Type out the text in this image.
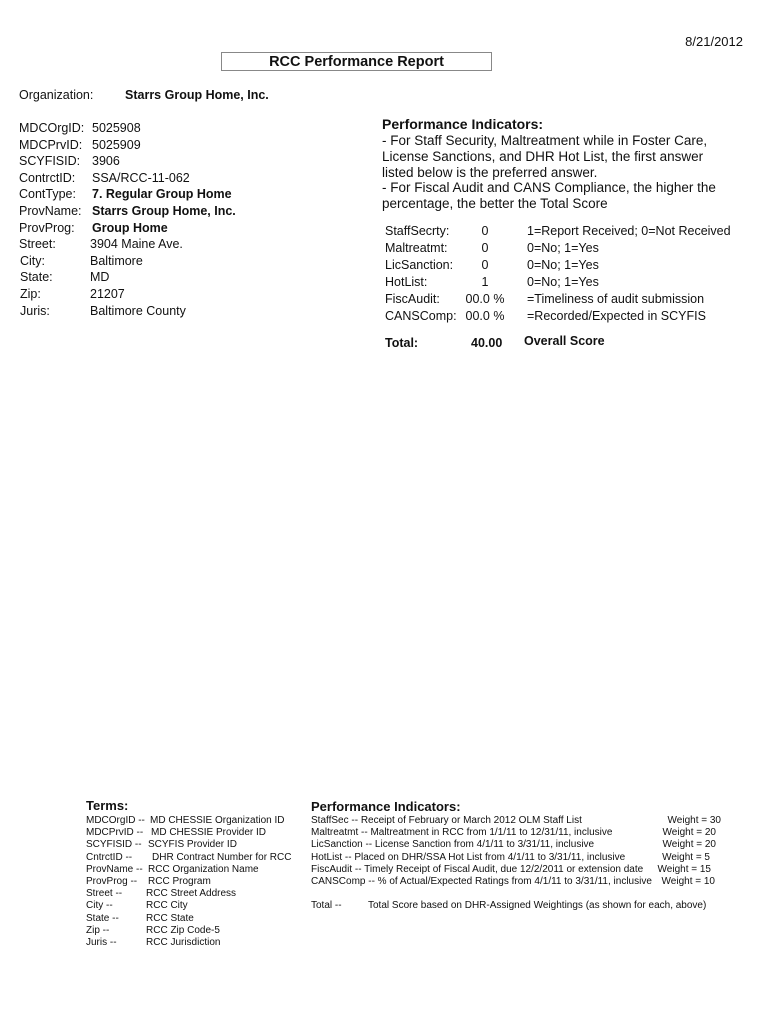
8/21/2012
RCC Performance Report
Organization:	Starrs Group Home, Inc.
MDCOrgID: 5025908
MDCPrvID: 5025909
SCYFISID: 3906
ContrctID: SSA/RCC-11-062
ContType: 7. Regular Group Home
ProvName: Starrs Group Home, Inc.
ProvProg: Group Home
Street:	3904 Maine Ave.
City:	Baltimore
State:	MD
Zip:	21207
Juris:	Baltimore County
Performance Indicators:
- For Staff Security, Maltreatment while in Foster Care, License Sanctions, and DHR Hot List, the first answer listed below is the preferred answer.
- For Fiscal Audit and CANS Compliance, the higher the percentage, the better the Total Score
StaffSecrty:	0	1=Report Received; 0=Not Received
Maltreatmt:	0	0=No; 1=Yes
LicSanction:	0	0=No; 1=Yes
HotList:	1	0=No; 1=Yes
FiscAudit:	00.0 %	=Timeliness of audit submission
CANSComp: 00.0 %	=Recorded/Expected in SCYFIS
Total:	40.00 Overall Score
Terms:
MDCOrgID -- MD CHESSIE Organization ID
MDCPrvID -- MD CHESSIE Provider ID
SCYFISID -- SCYFIS Provider ID
CntrctID -- DHR Contract Number for RCC
ProvName -- RCC Organization Name
ProvProg -- RCC Program
Street -- RCC Street Address
City --	RCC City
State --	RCC State
Zip --	RCC Zip Code-5
Juris --	RCC Jurisdiction
Performance Indicators:
StaffSec -- Receipt of February or March 2012 OLM Staff List	Weight = 30
Maltreatmt -- Maltreatment in RCC from 1/1/11 to 12/31/11, inclusive	Weight = 20
LicSanction -- License Sanction from 4/1/11 to 3/31/11, inclusive	Weight = 20
HotList -- Placed on DHR/SSA Hot List from 4/1/11 to 3/31/11, inclusive	Weight = 5
FiscAudit -- Timely Receipt of Fiscal Audit, due 12/2/2011 or extension date Weight = 15
CANSComp -- % of Actual/Expected Ratings from 4/1/11 to 3/31/11, inclusive Weight = 10
Total --	Total Score based on DHR-Assigned Weightings (as shown for each, above)
